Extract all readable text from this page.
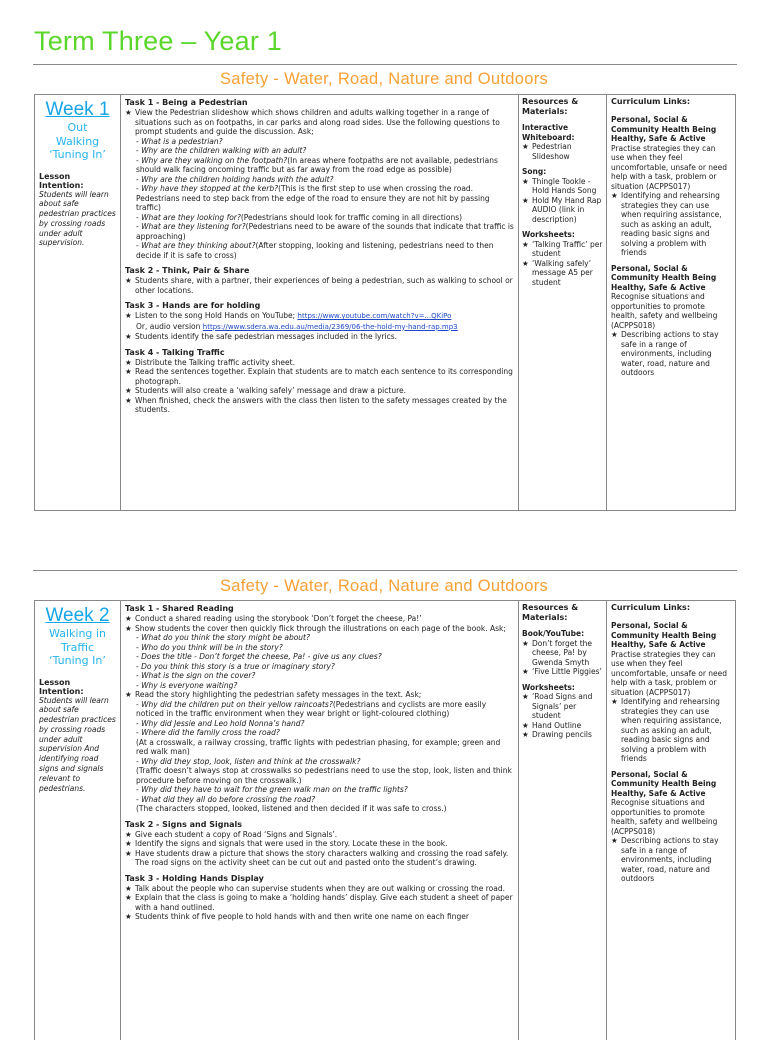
Term Three – Year 1
Safety - Water, Road, Nature and Outdoors
Week 1
Out
Walking
‘Tuning In’
Lesson Intention:
Students will learn about safe pedestrian practices by crossing roads under adult supervision.
Task 1 - Being a Pedestrian
★ View the Pedestrian slideshow which shows children and adults walking together in a range of situations such as on footpaths, in car parks and along road sides. Use the following questions to prompt students and guide the discussion. Ask;
- What is a pedestrian?
- Why are the children walking with an adult?
- Why are they walking on the footpath?(In areas where footpaths are not available, pedestrians should walk facing oncoming traffic but as far away from the road edge as possible)
- Why are the children holding hands with the adult?
- Why have they stopped at the kerb?(This is the first step to use when crossing the road. Pedestrians need to step back from the edge of the road to ensure they are not hit by passing traffic)
- What are they looking for?(Pedestrians should look for traffic coming in all directions)
- What are they listening for?(Pedestrians need to be aware of the sounds that indicate that traffic is approaching)
- What are they thinking about?(After stopping, looking and listening, pedestrians need to then decide if it is safe to cross)
Task 2 - Think, Pair & Share
★ Students share, with a partner, their experiences of being a pedestrian, such as walking to school or other locations.
Task 3 - Hands are for holding
★ Listen to the song Hold Hands on YouTube; https://www.youtube.com/watch?v=...QKiPo
Or, audio version https://www.sdera.wa.edu.au/media/2369/06-the-hold-my-hand-rap.mp3
★ Students identify the safe pedestrian messages included in the lyrics.
Task 4 - Talking Traffic
★ Distribute the Talking traffic activity sheet.
★ Read the sentences together. Explain that students are to match each sentence to its corresponding photograph.
★ Students will also create a ‘walking safely’ message and draw a picture.
★ When finished, check the answers with the class then listen to the safety messages created by the students.
Resources & Materials:
Interactive Whiteboard:
★ Pedestrian Slideshow
Song:
★ Thingle Tookle - Hold Hands Song
★ Hold My Hand Rap AUDIO (link in description)
Worksheets:
★ ‘Talking Traffic’ per student
★ ‘Walking safely’ message A5 per student
Curriculum Links:
Personal, Social & Community Health Being Healthy, Safe & Active
Practise strategies they can use when they feel uncomfortable, unsafe or need help with a task, problem or situation (ACPPS017)
★ Identifying and rehearsing strategies they can use when requiring assistance, such as asking an adult, reading basic signs and solving a problem with friends
Personal, Social & Community Health Being Healthy, Safe & Active
Recognise situations and opportunities to promote health, safety and wellbeing (ACPPS018)
★ Describing actions to stay safe in a range of environments, including water, road, nature and outdoors
Safety - Water, Road, Nature and Outdoors
Week 2
Walking in
Traffic
‘Tuning In’
Lesson Intention:
Students will learn about safe pedestrian practices by crossing roads under adult supervision And identifying road signs and signals relevant to pedestrians.
Task 1 - Shared Reading
★ Conduct a shared reading using the storybook ‘Don’t forget the cheese, Pa!’
★ Show students the cover then quickly flick through the illustrations on each page of the book. Ask;
- What do you think the story might be about?
- Who do you think will be in the story?
- Does the title - Don’t forget the cheese, Pa! - give us any clues?
- Do you think this story is a true or imaginary story?
- What is the sign on the cover?
- Why is everyone waiting?
★ Read the story highlighting the pedestrian safety messages in the text. Ask;
- Why did the children put on their yellow raincoats?(Pedestrians and cyclists are more easily noticed in the traffic environment when they wear bright or light-coloured clothing)
- Why did Jessie and Leo hold Nonna’s hand?
- Where did the family cross the road?
(At a crosswalk, a railway crossing, traffic lights with pedestrian phasing, for example; green and red walk man)
- Why did they stop, look, listen and think at the crosswalk?
(Traffic doesn’t always stop at crosswalks so pedestrians need to use the stop, look, listen and think procedure before moving on the crosswalk.)
- Why did they have to wait for the green walk man on the traffic lights?
- What did they all do before crossing the road?
(The characters stopped, looked, listened and then decided if it was safe to cross.)
Task 2 - Signs and Signals
★ Give each student a copy of Road ‘Signs and Signals’.
★ Identify the signs and signals that were used in the story. Locate these in the book.
★ Have students draw a picture that shows the story characters walking and crossing the road safely. The road signs on the activity sheet can be cut out and pasted onto the student’s drawing.
Task 3 - Holding Hands Display
★ Talk about the people who can supervise students when they are out walking or crossing the road.
★ Explain that the class is going to make a ‘holding hands’ display. Give each student a sheet of paper with a hand outlined.
★ Students think of five people to hold hands with and then write one name on each finger
Resources & Materials:
Book/YouTube:
★ Don’t forget the cheese, Pa! by Gwenda Smyth
★ ‘Five Little Piggies’
Worksheets:
★ ‘Road Signs and Signals’ per student
★ Hand Outline
★ Drawing pencils
Curriculum Links:
Personal, Social & Community Health Being Healthy, Safe & Active
Practise strategies they can use when they feel uncomfortable, unsafe or need help with a task, problem or situation (ACPPS017)
★ Identifying and rehearsing strategies they can use when requiring assistance, such as asking an adult, reading basic signs and solving a problem with friends
Personal, Social & Community Health Being Healthy, Safe & Active
Recognise situations and opportunities to promote health, safety and wellbeing (ACPPS018)
★ Describing actions to stay safe in a range of environments, including water, road, nature and outdoors
